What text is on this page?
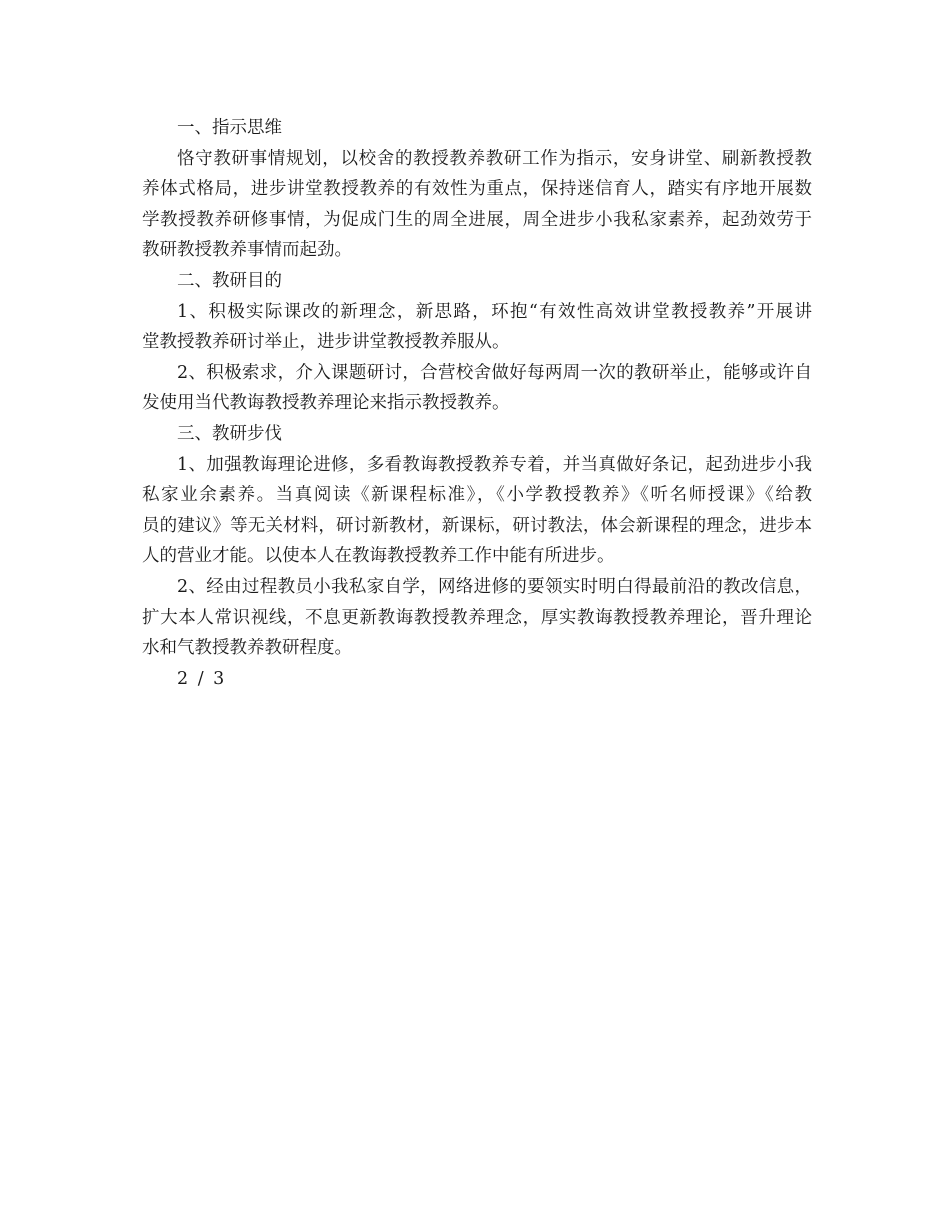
一、指示思维

恪守教研事情规划，以校舍的教授教养教研工作为指示，安身讲堂、刷新教授教

养体式格局，进步讲堂教授教养的有效性为重点，保持迷信育人，踏实有序地开展数

学教授教养研修事情，为促成门生的周全进展，周全进步小我私家素养，起劲效劳于

教研教授教养事情而起劲。

二、教研目的

1、积极实际课改的新理念，新思路，环抱“有效性高效讲堂教授教养”开展讲

堂教授教养研讨举止，进步讲堂教授教养服从。

2、积极索求，介入课题研讨，合营校舍做好每两周一次的教研举止，能够或许自

发使用当代教诲教授教养理论来指示教授教养。

三、教研步伐

1、加强教诲理论进修，多看教诲教授教养专着，并当真做好条记，起劲进步小我

私家业余素养。当真阅读《新课程标准》，《小学教授教养》《听名师授课》《给教

员的建议》等无关材料，研讨新教材，新课标，研讨教法，体会新课程的理念，进步本

人的营业才能。以使本人在教诲教授教养工作中能有所进步。

2、经由过程教员小我私家自学，网络进修的要领实时明白得最前沿的教改信息，

扩大本人常识视线，不息更新教诲教授教养理念，厚实教诲教授教养理论，晋升理论

水和气教授教养教研程度。

2 / 3
